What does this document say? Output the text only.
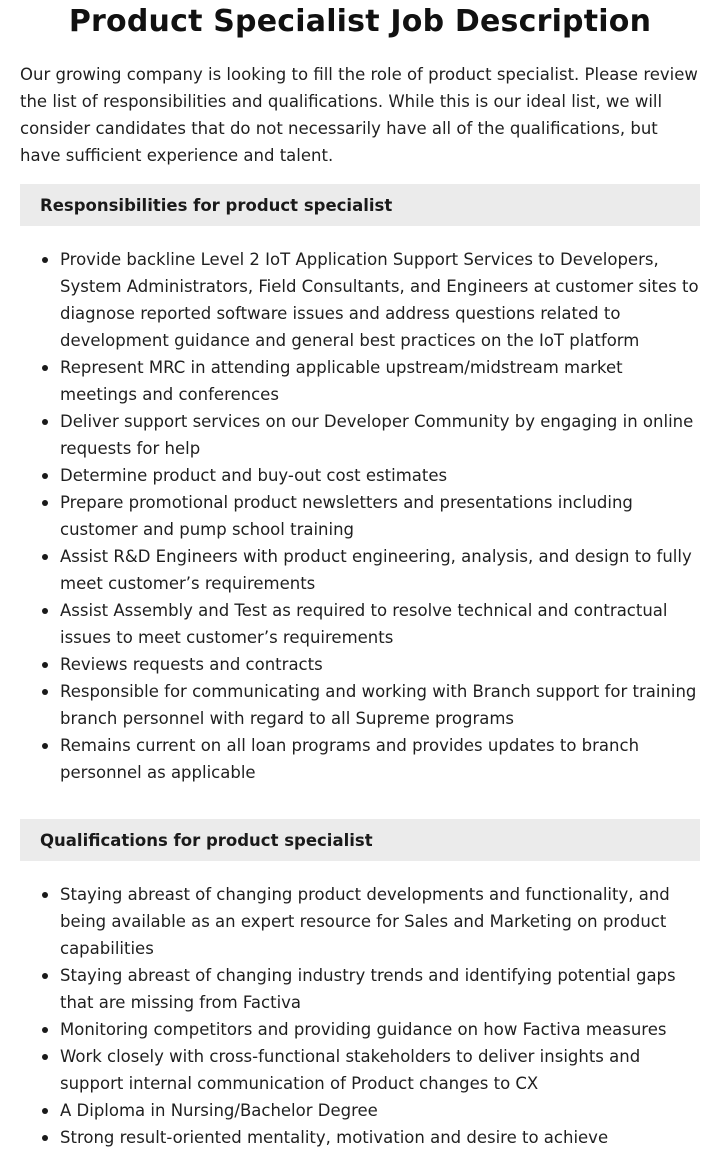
Product Specialist Job Description

Our growing company is looking to fill the role of product specialist. Please review the list of responsibilities and qualifications. While this is our ideal list, we will consider candidates that do not necessarily have all of the qualifications, but have sufficient experience and talent.

Responsibilities for product specialist
Provide backline Level 2 IoT Application Support Services to Developers, System Administrators, Field Consultants, and Engineers at customer sites to diagnose reported software issues and address questions related to development guidance and general best practices on the IoT platform
Represent MRC in attending applicable upstream/midstream market meetings and conferences
Deliver support services on our Developer Community by engaging in online requests for help
Determine product and buy-out cost estimates
Prepare promotional product newsletters and presentations including customer and pump school training
Assist R&D Engineers with product engineering, analysis, and design to fully meet customer’s requirements
Assist Assembly and Test as required to resolve technical and contractual issues to meet customer’s requirements
Reviews requests and contracts
Responsible for communicating and working with Branch support for training branch personnel with regard to all Supreme programs
Remains current on all loan programs and provides updates to branch personnel as applicable
Qualifications for product specialist
Staying abreast of changing product developments and functionality, and being available as an expert resource for Sales and Marketing on product capabilities
Staying abreast of changing industry trends and identifying potential gaps that are missing from Factiva
Monitoring competitors and providing guidance on how Factiva measures
Work closely with cross-functional stakeholders to deliver insights and support internal communication of Product changes to CX
A Diploma in Nursing/Bachelor Degree
Strong result-oriented mentality, motivation and desire to achieve
